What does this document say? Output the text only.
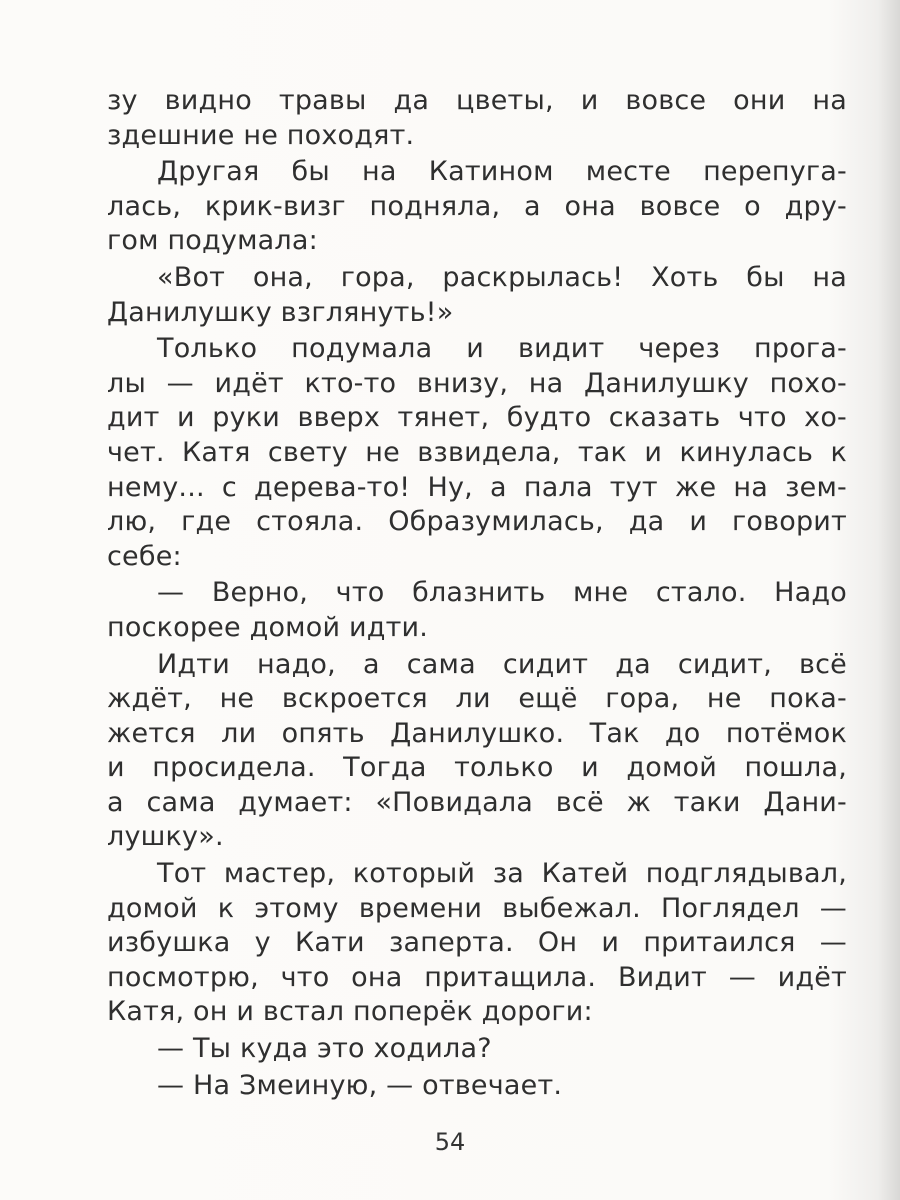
зу видно травы да цветы, и вовсе они на
здешние не походят.
Другая бы на Катином месте перепуга-
лась, крик-визг подняла, а она вовсе о дру-
гом подумала:
«Вот она, гора, раскрылась! Хоть бы на
Данилушку взглянуть!»
Только подумала и видит через прога-
лы — идёт кто-то внизу, на Данилушку похо-
дит и руки вверх тянет, будто сказать что хо-
чет. Катя свету не взвидела, так и кинулась к
нему... с дерева-то! Ну, а пала тут же на зем-
лю, где стояла. Образумилась, да и говорит
себе:
— Верно, что блазнить мне стало. Надо
поскорее домой идти.
Идти надо, а сама сидит да сидит, всё
ждёт, не вскроется ли ещё гора, не пока-
жется ли опять Данилушко. Так до потёмок
и просидела. Тогда только и домой пошла,
а сама думает: «Повидала всё ж таки Дани-
лушку».
Тот мастер, который за Катей подглядывал,
домой к этому времени выбежал. Поглядел —
избушка у Кати заперта. Он и притаился —
посмотрю, что она притащила. Видит — идёт
Катя, он и встал поперёк дороги:
— Ты куда это ходила?
— На Змеиную, — отвечает.
54
